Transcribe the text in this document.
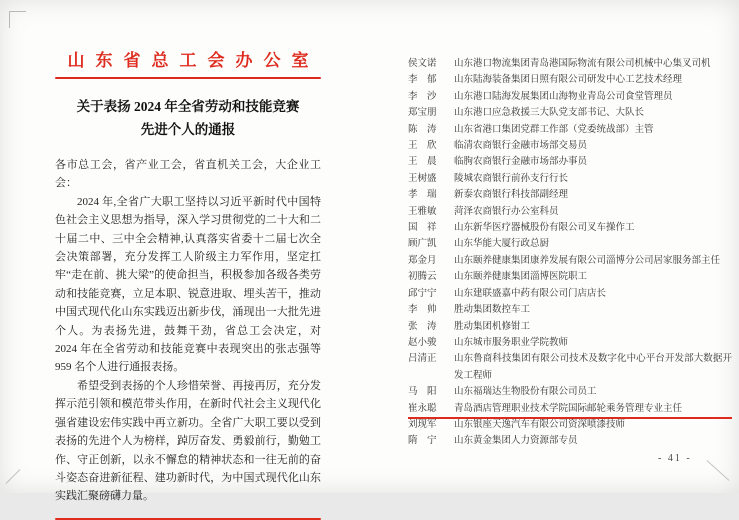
山东省总工会办公室
关于表扬 2024 年全省劳动和技能竞赛
先进个人的通报

各市总工会，省产业工会，省直机关工会，大企业工会：

2024 年,全省广大职工坚持以习近平新时代中国特色社会主义思想为指导，深入学习贯彻党的二十大和二十届二中、三中全会精神,认真落实省委十二届七次全会决策部署，充分发挥工人阶级主力军作用，坚定扛牢“走在前、挑大梁”的使命担当，积极参加各级各类劳动和技能竞赛，立足本职、锐意进取、埋头苦干，推动中国式现代化山东实践迈出新步伐，涌现出一大批先进个人。为表扬先进，鼓舞干劲，省总工会决定，对 2024 年在全省劳动和技能竞赛中表现突出的张志强等 959 名个人进行通报表扬。

希望受到表扬的个人珍惜荣誉、再接再厉，充分发挥示范引领和模范带头作用，在新时代社会主义现代化强省建设宏伟实践中再立新功。全省广大职工要以受到表扬的先进个人为榜样，踔厉奋发、勇毅前行，勤勉工作、守正创新，以永不懈怠的精神状态和一往无前的奋斗姿态奋进新征程、建功新时代，为中国式现代化山东实践汇聚磅礴力量。

侯文诺 山东港口物流集团青岛港国际物流有限公司机械中心集叉司机
李　郁 山东陆海装备集团日照有限公司研发中心工艺技术经理
李　沙 山东港口陆海发展集团山海物业青岛公司食堂管理员
郑宝朋 山东港口应急救援三大队党支部书记、大队长
陈　涛 山东省港口集团党群工作部（党委统战部）主管
王　欣 临清农商银行金融市场部交易员
王　晨 临朐农商银行金融市场部办事员
王树盛 陵城农商银行前孙支行行长
孝　瑞 新泰农商银行科技部副经理
王雅敏 菏泽农商银行办公室科员
国　祥 山东新华医疗器械股份有限公司叉车操作工
顾广凯 山东华能大厦行政总厨
郑金月 山东颐养健康集团康养发展有限公司淄博分公司居家服务部主任
初腾云 山东颐养健康集团淄博医院职工
邱宁宁 山东建联盛嘉中药有限公司门店店长
李　帅 胜动集团数控车工
张　涛 胜动集团机修钳工
赵小骏 山东城市服务职业学院教师
吕清正 山东鲁商科技集团有限公司技术及数字化中心平台开发部大数据开发工程师
马　阳 山东福瑞达生物股份有限公司员工
崔永聪 青岛酒店管理职业技术学院国际邮轮乘务管理专业主任
刘现军 山东银座天逸汽车有限公司资深喷漆技师
隋　宁 山东黄金集团人力资源部专员
- 41 -
